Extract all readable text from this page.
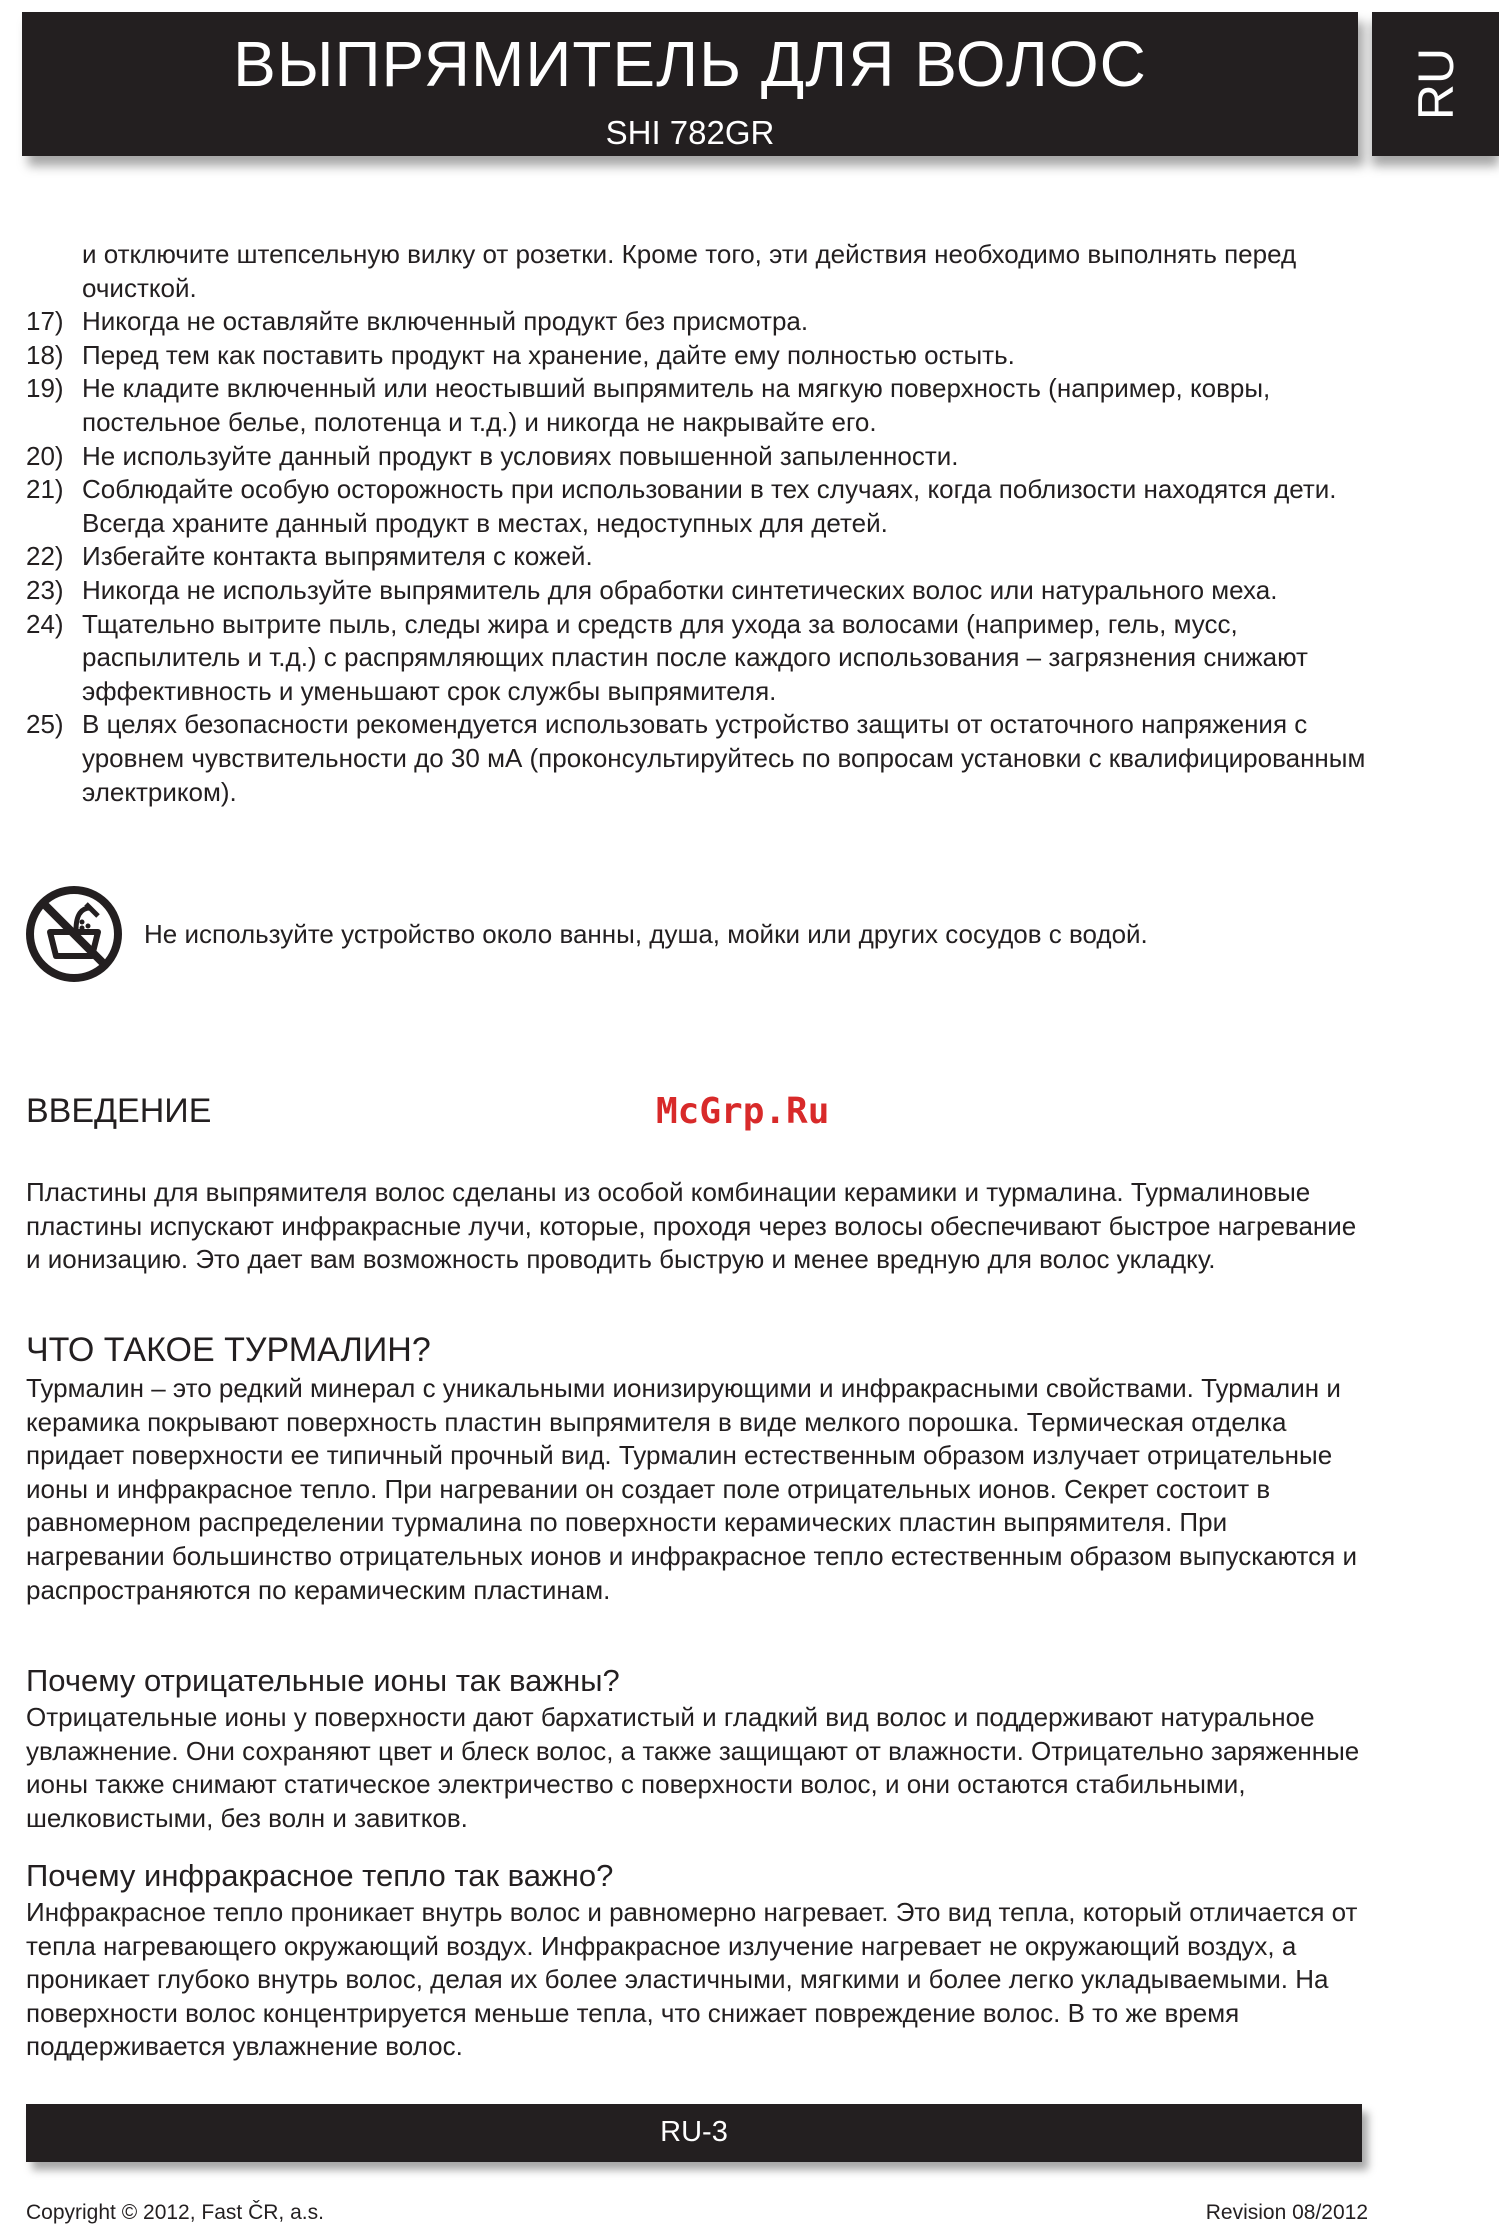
ВЫПРЯМИТЕЛЬ ДЛЯ ВОЛОС
SHI 782GR
RU
и отключите штепсельную вилку от розетки. Кроме того, эти действия необходимо выполнять перед очисткой.
17) Никогда не оставляйте включенный продукт без присмотра.
18) Перед тем как поставить продукт на хранение, дайте ему полностью остыть.
19) Не кладите включенный или неостывший выпрямитель на мягкую поверхность (например, ковры, постельное белье, полотенца и т.д.) и никогда не накрывайте его.
20) Не используйте данный продукт в условиях повышенной запыленности.
21) Соблюдайте особую осторожность при использовании в тех случаях, когда поблизости находятся дети. Всегда храните данный продукт в местах, недоступных для детей.
22) Избегайте контакта выпрямителя с кожей.
23) Никогда не используйте выпрямитель для обработки синтетических волос или натурального меха.
24) Тщательно вытрите пыль, следы жира и средств для ухода за волосами (например, гель, мусс, распылитель и т.д.) с распрямляющих пластин после каждого использования – загрязнения снижают эффективность и уменьшают срок службы выпрямителя.
25) В целях безопасности рекомендуется использовать устройство защиты от остаточного напряжения с уровнем чувствительности до 30 мА (проконсультируйтесь по вопросам установки с квалифицированным электриком).
Не используйте устройство около ванны, душа, мойки или других сосудов с водой.
McGrp.Ru
ВВЕДЕНИЕ

Пластины для выпрямителя волос сделаны из особой комбинации керамики и турмалина. Турмалиновые пластины испускают инфракрасные лучи, которые, проходя через волосы обеспечивают быстрое нагревание и ионизацию. Это дает вам возможность проводить быструю и менее вредную для волос укладку.

ЧТО ТАКОЕ ТУРМАЛИН?

Турмалин – это редкий минерал с уникальными ионизирующими и инфракрасными свойствами. Турмалин и керамика покрывают поверхность пластин выпрямителя в виде мелкого порошка. Термическая отделка придает поверхности ее типичный прочный вид. Турмалин естественным образом излучает отрицательные ионы и инфракрасное тепло. При нагревании он создает поле отрицательных ионов. Секрет состоит в равномерном распределении турмалина по поверхности керамических пластин выпрямителя. При нагревании большинство отрицательных ионов и инфракрасное тепло естественным образом выпускаются и распространяются по керамическим пластинам.

Почему отрицательные ионы так важны?

Отрицательные ионы у поверхности дают бархатистый и гладкий вид волос и поддерживают натуральное увлажнение. Они сохраняют цвет и блеск волос, а также защищают от влажности. Отрицательно заряженные ионы также снимают статическое электричество с поверхности волос, и они остаются стабильными, шелковистыми, без волн и завитков.

Почему инфракрасное тепло так важно?

Инфракрасное тепло проникает внутрь волос и равномерно нагревает. Это вид тепла, который отличается от тепла нагревающего окружающий воздух. Инфракрасное излучение нагревает не окружающий воздух, а проникает глубоко внутрь волос, делая их более эластичными, мягкими и более легко укладываемыми. На поверхности волос концентрируется меньше тепла, что снижает повреждение волос. В то же время поддерживается увлажнение волос.

RU-3
Copyright © 2012, Fast ČR, a.s.	Revision 08/2012
